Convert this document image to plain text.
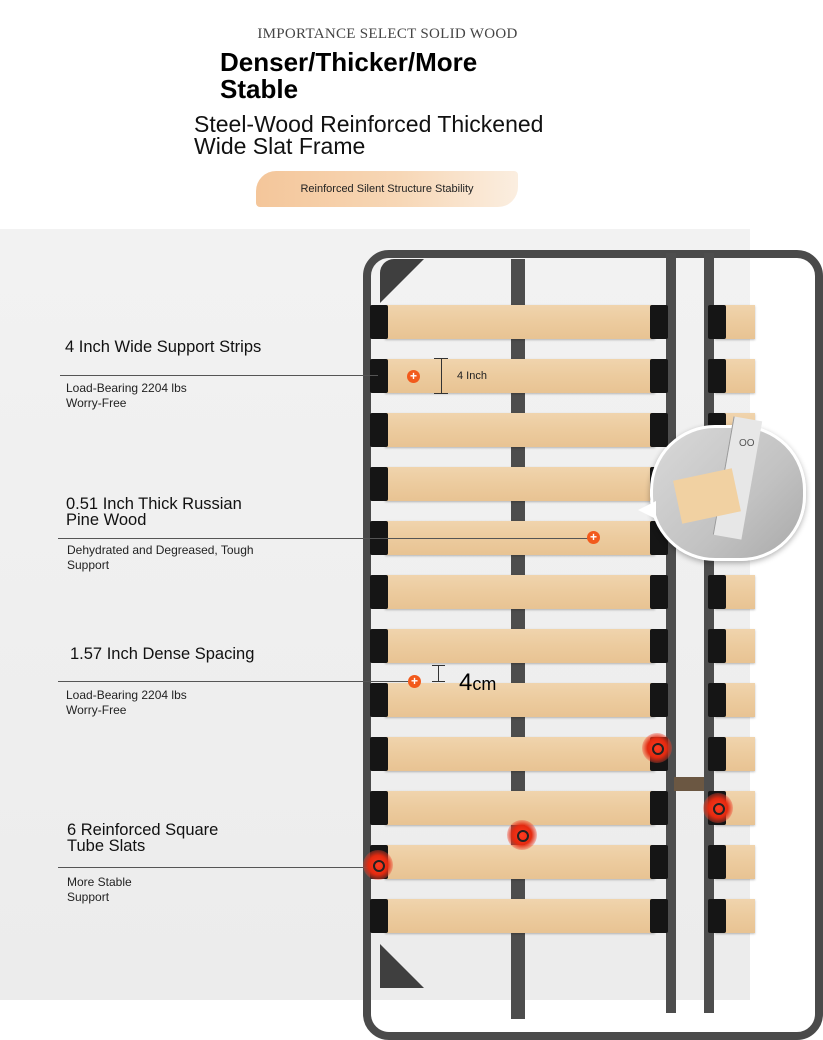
IMPORTANCE SELECT SOLID WOOD
Denser/Thicker/More
Stable
Steel-Wood Reinforced Thickened
Wide Slat Frame
Reinforced Silent Structure Stability
OO
4 Inch Wide Support Strips
Load-Bearing 2204 lbs
Worry-Free
+	4 Inch
0.51 Inch Thick Russian
Pine Wood
Dehydrated and Degreased, Tough
Support
+
1.57 Inch Dense Spacing
Load-Bearing 2204 lbs
Worry-Free
+ 4cm
6 Reinforced Square
Tube Slats
More Stable
Support
